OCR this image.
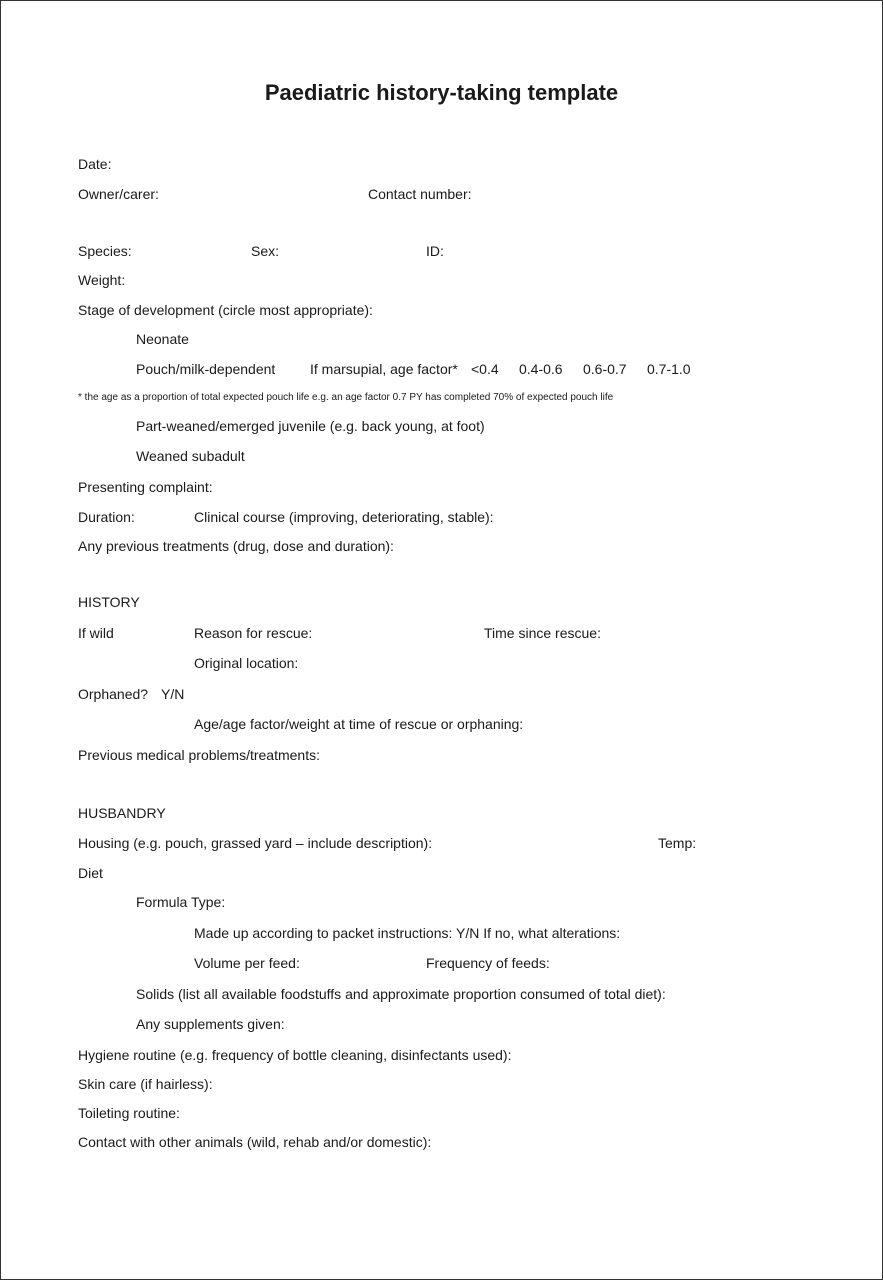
Paediatric history-taking template
Date:
Owner/carer:	Contact number:
Species:	Sex:	ID:
Weight:
Stage of development (circle most appropriate):
Neonate
Pouch/milk-dependent If marsupial, age factor* <0.4 0.4-0.6 0.6-0.7 0.7-1.0
* the age as a proportion of total expected pouch life e.g. an age factor 0.7 PY has completed 70% of expected pouch life
Part-weaned/emerged juvenile (e.g. back young, at foot)
Weaned subadult
Presenting complaint:
Duration:	Clinical course (improving, deteriorating, stable):
Any previous treatments (drug, dose and duration):
HISTORY
If wild	Reason for rescue:	Time since rescue:
Original location:
Orphaned? Y/N
Age/age factor/weight at time of rescue or orphaning:
Previous medical problems/treatments:
HUSBANDRY
Housing (e.g. pouch, grassed yard – include description):	Temp:
Diet
Formula Type:
Made up according to packet instructions: Y/N If no, what alterations:
Volume per feed:	Frequency of feeds:
Solids (list all available foodstuffs and approximate proportion consumed of total diet):
Any supplements given:
Hygiene routine (e.g. frequency of bottle cleaning, disinfectants used):
Skin care (if hairless):
Toileting routine:
Contact with other animals (wild, rehab and/or domestic):
